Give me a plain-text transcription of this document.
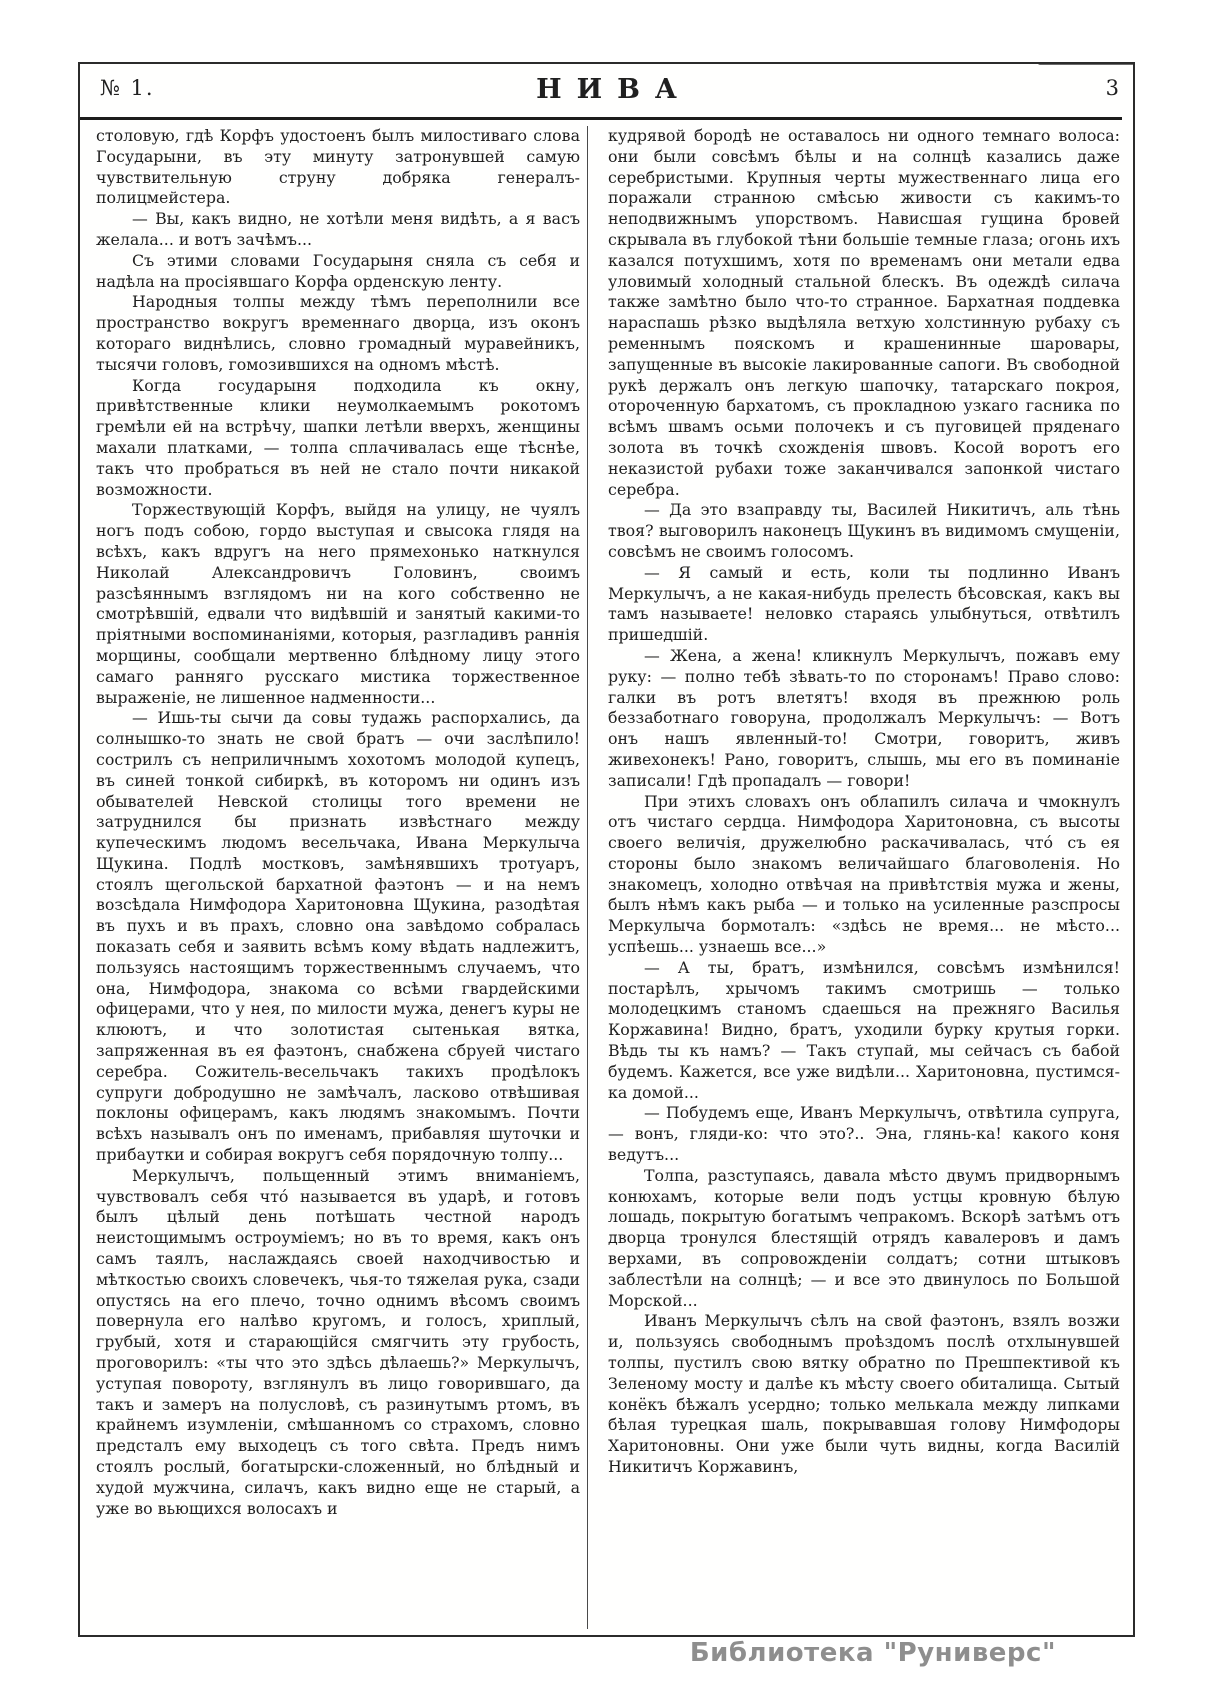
№ 1.	НИВА	3

столовую, гдѣ Корфъ удостоенъ былъ милостиваго слова Государыни, въ эту минуту затронувшей самую чувствительную струну добряка генералъ-полицмейстера.

— Вы, какъ видно, не хотѣли меня видѣть, а я васъ желала... и вотъ зачѣмъ...

Съ этими словами Государыня сняла съ себя и надѣла на просіявшаго Корфа орденскую ленту.

Народныя толпы между тѣмъ переполнили все пространство вокругъ временнаго дворца, изъ оконъ котораго виднѣлись, словно громадный муравейникъ, тысячи головъ, гомозившихся на одномъ мѣстѣ.

Когда государыня подходила къ окну, привѣтственные клики неумолкаемымъ рокотомъ гремѣли ей на встрѣчу, шапки летѣли вверхъ, женщины махали платками, — толпа сплачивалась еще тѣснѣе, такъ что пробраться въ ней не стало почти никакой возможности.

Торжествующій Корфъ, выйдя на улицу, не чуялъ ногъ подъ собою, гордо выступая и свысока глядя на всѣхъ, какъ вдругъ на него прямехонько наткнулся Николай Александровичъ Головинъ, своимъ разсѣяннымъ взглядомъ ни на кого собственно не смотрѣвшій, едвали что видѣвшій и занятый какими-то пріятными воспоминаніями, которыя, разгладивъ раннія морщины, сообщали мертвенно блѣдному лицу этого самаго ранняго русскаго мистика торжественное выраженіе, не лишенное надменности...

— Ишь-ты сычи да совы тудажь распорхались, да солнышко-то знать не свой братъ — очи заслѣпило! сострилъ съ неприличнымъ хохотомъ молодой купецъ, въ синей тонкой сибиркѣ, въ которомъ ни одинъ изъ обывателей Невской столицы того времени не затруднился бы признать извѣстнаго между купеческимъ людомъ весельчака, Ивана Меркулыча Щукина. Подлѣ мостковъ, замѣнявшихъ тротуаръ, стоялъ щегольской бархатной фаэтонъ — и на немъ возсѣдала Нимфодора Харитоновна Щукина, разодѣтая въ пухъ и въ прахъ, словно она завѣдомо собралась показать себя и заявить всѣмъ кому вѣдать надлежитъ, пользуясь настоящимъ торжественнымъ случаемъ, что она, Нимфодора, знакома со всѣми гвардейскими офицерами, что у нея, по милости мужа, денегъ куры не клюютъ, и что золотистая сытенькая вятка, запряженная въ ея фаэтонъ, снабжена сбруей чистаго серебра. Сожитель-весельчакъ такихъ продѣлокъ супруги добродушно не замѣчалъ, ласково отвѣшивая поклоны офицерамъ, какъ людямъ знакомымъ. Почти всѣхъ называлъ онъ по именамъ, прибавляя шуточки и прибаутки и собирая вокругъ себя порядочную толпу...

Меркулычъ, польщенный этимъ вниманіемъ, чувствовалъ себя чтó называется въ ударѣ, и готовъ былъ цѣлый день потѣшать честной народъ неистощимымъ остроуміемъ; но въ то время, какъ онъ самъ таялъ, наслаждаясь своей находчивостью и мѣткостью своихъ словечекъ, чья-то тяжелая рука, сзади опустясь на его плечо, точно однимъ вѣсомъ своимъ повернула его налѣво кругомъ, и голосъ, хриплый, грубый, хотя и старающійся смягчить эту грубость, проговорилъ: «ты что это здѣсь дѣлаешь?» Меркулычъ, уступая повороту, взглянулъ въ лицо говорившаго, да такъ и замеръ на полусловѣ, съ разинутымъ ртомъ, въ крайнемъ изумленіи, смѣшанномъ со страхомъ, словно предсталъ ему выходецъ съ того свѣта. Предъ нимъ стоялъ рослый, богатырски-сложенный, но блѣдный и худой мужчина, силачъ, какъ видно еще не старый, а уже во вьющихся волосахъ и

кудрявой бородѣ не оставалось ни одного темнаго волоса: они были совсѣмъ бѣлы и на солнцѣ казались даже серебристыми. Крупныя черты мужественнаго лица его поражали странною смѣсью живости съ какимъ-то неподвижнымъ упорствомъ. Нависшая гущина бровей скрывала въ глубокой тѣни большіе темные глаза; огонь ихъ казался потухшимъ, хотя по временамъ они метали едва уловимый холодный стальной блескъ. Въ одеждѣ силача также замѣтно было что-то странное. Бархатная поддевка нараспашь рѣзко выдѣляла ветхую холстинную рубаху съ ременнымъ пояскомъ и крашенинные шаровары, запущенные въ высокіе лакированные сапоги. Въ свободной рукѣ держалъ онъ легкую шапочку, татарскаго покроя, отороченную бархатомъ, съ прокладною узкаго гасника по всѣмъ швамъ осьми полочекъ и съ пуговицей пряденаго золота въ точкѣ схожденія швовъ. Косой воротъ его неказистой рубахи тоже заканчивался запонкой чистаго серебра.

— Да это взаправду ты, Василей Никитичъ, аль тѣнь твоя? выговорилъ наконецъ Щукинъ въ видимомъ смущеніи, совсѣмъ не своимъ голосомъ.

— Я самый и есть, коли ты подлинно Иванъ Меркулычъ, а не какая-нибудь прелесть бѣсовская, какъ вы тамъ называете! неловко стараясь улыбнуться, отвѣтилъ пришедшій.

— Жена, а жена! кликнулъ Меркулычъ, пожавъ ему руку: — полно тебѣ зѣвать-то по сторонамъ! Право слово: галки въ ротъ влетятъ! входя въ прежнюю роль беззаботнаго говоруна, продолжалъ Меркулычъ: — Вотъ онъ нашъ явленный-то! Смотри, говоритъ, живъ живехонекъ! Рано, говоритъ, слышь, мы его въ поминаніе записали! Гдѣ пропадалъ — говори!

При этихъ словахъ онъ облапилъ силача и чмокнулъ отъ чистаго сердца. Нимфодора Харитоновна, съ высоты своего величія, дружелюбно раскачивалась, чтó съ ея стороны было знакомъ величайшаго благоволенія. Но знакомецъ, холодно отвѣчая на привѣтствія мужа и жены, былъ нѣмъ какъ рыба — и только на усиленные разспросы Меркулыча бормоталъ: «здѣсь не время... не мѣсто... успѣешь... узнаешь все...»

— А ты, братъ, измѣнился, совсѣмъ измѣнился! постарѣлъ, хрычомъ такимъ смотришь — только молодецкимъ станомъ сдаешься на прежняго Василья Коржавина! Видно, братъ, уходили бурку крутыя горки. Вѣдь ты къ намъ? — Такъ ступай, мы сейчасъ съ бабой будемъ. Кажется, все уже видѣли... Харитоновна, пустимся-ка домой...

— Побудемъ еще, Иванъ Меркулычъ, отвѣтила супруга, — вонъ, гляди-ко: что это?.. Эна, глянь-ка! какого коня ведутъ...

Толпа, разступаясь, давала мѣсто двумъ придворнымъ конюхамъ, которые вели подъ устцы кровную бѣлую лошадь, покрытую богатымъ чепракомъ. Вскорѣ затѣмъ отъ дворца тронулся блестящій отрядъ кавалеровъ и дамъ верхами, въ сопровожденіи солдатъ; сотни штыковъ заблестѣли на солнцѣ; — и все это двинулось по Большой Морской...

Иванъ Меркулычъ сѣлъ на свой фаэтонъ, взялъ возжи и, пользуясь свободнымъ проѣздомъ послѣ отхлынувшей толпы, пустилъ свою вятку обратно по Прешпективой къ Зеленому мосту и далѣе къ мѣсту своего обиталища. Сытый конёкъ бѣжалъ усердно; только мелькала между липками бѣлая турецкая шаль, покрывавшая голову Нимфодоры Харитоновны. Они уже были чуть видны, когда Василій Никитичъ Коржавинъ,

Библиотека "Руниверс"
